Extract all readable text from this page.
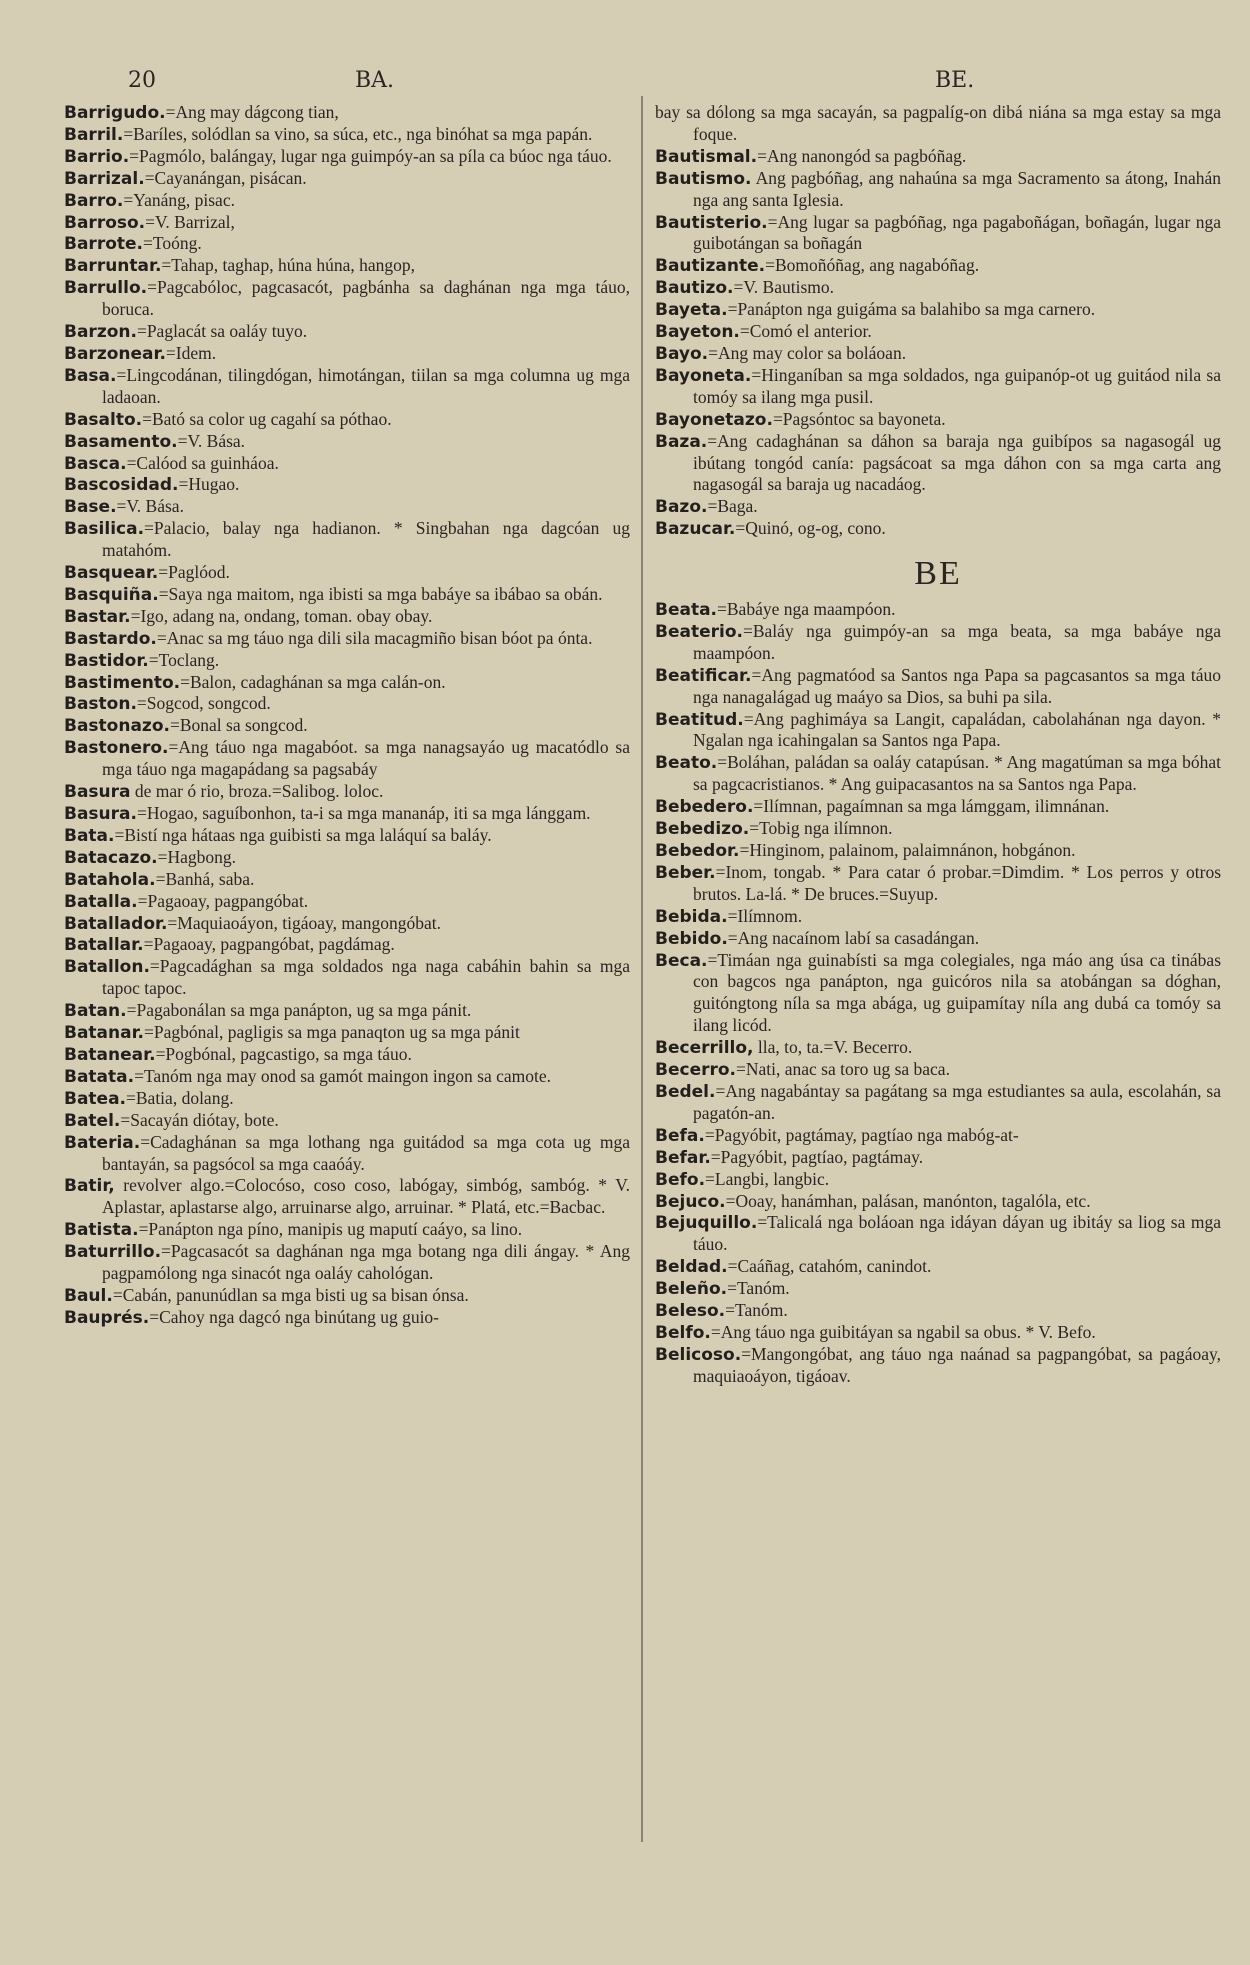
20	BA.	BE.

Barrigudo.=Ang may dágcong tian,

Barril.=Baríles, solódlan sa vino, sa súca, etc., nga binóhat sa mga papán.

Barrio.=Pagmólo, balángay, lugar nga guimpóy-an sa píla ca búoc nga táuo.

Barrizal.=Cayanángan, pisácan.

Barro.=Yanáng, pisac.

Barroso.=V. Barrizal,

Barrote.=Toóng.

Barruntar.=Tahap, taghap, húna húna, hangop,

Barrullo.=Pagcabóloc, pagcasacót, pagbánha sa daghánan nga mga táuo, boruca.

Barzon.=Paglacát sa oaláy tuyo.

Barzonear.=Idem.

Basa.=Lingcodánan, tilingdógan, himotángan, tiilan sa mga columna ug mga ladaoan.

Basalto.=Bató sa color ug cagahí sa póthao.

Basamento.=V. Bása.

Basca.=Calóod sa guinháoa.

Bascosidad.=Hugao.

Base.=V. Bása.

Basilica.=Palacio, balay nga hadianon. * Singbahan nga dagcóan ug matahóm.

Basquear.=Paglóod.

Basquiña.=Saya nga maitom, nga ibisti sa mga babáye sa ibábao sa obán.

Bastar.=Igo, adang na, ondang, toman. obay obay.

Bastardo.=Anac sa mg táuo nga dili sila macagmiño bisan bóot pa ónta.

Bastidor.=Toclang.

Bastimento.=Balon, cadaghánan sa mga calán-on.

Baston.=Sogcod, songcod.

Bastonazo.=Bonal sa songcod.

Bastonero.=Ang táuo nga magabóot. sa mga nanagsayáo ug macatódlo sa mga táuo nga magapádang sa pagsabáy

Basura de mar ó rio, broza.=Salibog. loloc.

Basura.=Hogao, saguíbonhon, ta-i sa mga mananáp, iti sa mga lánggam.

Bata.=Bistí nga hátaas nga guibisti sa mga laláquí sa baláy.

Batacazo.=Hagbong.

Batahola.=Banhá, saba.

Batalla.=Pagaoay, pagpangóbat.

Batallador.=Maquiaoáyon, tigáoay, mangongóbat.

Batallar.=Pagaoay, pagpangóbat, pagdámag.

Batallon.=Pagcadághan sa mga soldados nga naga cabáhin bahin sa mga tapoc tapoc.

Batan.=Pagabonálan sa mga panápton, ug sa mga pánit.

Batanar.=Pagbónal, pagligis sa mga panaqton ug sa mga pánit

Batanear.=Pogbónal, pagcastigo, sa mga táuo.

Batata.=Tanóm nga may onod sa gamót maingon ingon sa camote.

Batea.=Batia, dolang.

Batel.=Sacayán diótay, bote.

Bateria.=Cadaghánan sa mga lothang nga guitádod sa mga cota ug mga bantayán, sa pagsócol sa mga caaóáy.

Batir, revolver algo.=Colocóso, coso coso, labógay, simbóg, sambóg. * V. Aplastar, aplastarse algo, arruinarse algo, arruinar. * Platá, etc.=Bacbac.

Batista.=Panápton nga píno, manipis ug maputí caáyo, sa lino.

Baturrillo.=Pagcasacót sa daghánan nga mga botang nga dili ángay. * Ang pagpamólong nga sinacót nga oaláy cahológan.

Baul.=Cabán, panunúdlan sa mga bisti ug sa bisan ónsa.

Bauprés.=Cahoy nga dagcó nga binútang ug guio-

bay sa dólong sa mga sacayán, sa pagpalíg-on dibá niána sa mga estay sa mga foque.

Bautismal.=Ang nanongód sa pagbóñag.

Bautismo. Ang pagbóñag, ang nahaúna sa mga Sacramento sa átong, Inahán nga ang santa Iglesia.

Bautisterio.=Ang lugar sa pagbóñag, nga pagaboñágan, boñagán, lugar nga guibotángan sa boñagán

Bautizante.=Bomoñóñag, ang nagabóñag.

Bautizo.=V. Bautismo.

Bayeta.=Panápton nga guigáma sa balahibo sa mga carnero.

Bayeton.=Comó el anterior.

Bayo.=Ang may color sa boláoan.

Bayoneta.=Hinganíban sa mga soldados, nga guipanóp-ot ug guitáod nila sa tomóy sa ilang mga pusil.

Bayonetazo.=Pagsóntoc sa bayoneta.

Baza.=Ang cadaghánan sa dáhon sa baraja nga guibípos sa nagasogál ug ibútang tongód canía: pagsácoat sa mga dáhon con sa mga carta ang nagasogál sa baraja ug nacadáog.

Bazo.=Baga.

Bazucar.=Quinó, og-og, cono.

BE

Beata.=Babáye nga maampóon.

Beaterio.=Baláy nga guimpóy-an sa mga beata, sa mga babáye nga maampóon.

Beatificar.=Ang pagmatóod sa Santos nga Papa sa pagcasantos sa mga táuo nga nanagalágad ug maáyo sa Dios, sa buhi pa sila.

Beatitud.=Ang paghimáya sa Langit, capaládan, cabolahánan nga dayon. * Ngalan nga icahingalan sa Santos nga Papa.

Beato.=Boláhan, paládan sa oaláy catapúsan. * Ang magatúman sa mga bóhat sa pagcacristianos. * Ang guipacasantos na sa Santos nga Papa.

Bebedero.=Ilímnan, pagaímnan sa mga lámggam, ilimnánan.

Bebedizo.=Tobig nga ilímnon.

Bebedor.=Hinginom, palainom, palaimnánon, hobgánon.

Beber.=Inom, tongab. * Para catar ó probar.=Dimdim. * Los perros y otros brutos. La-lá. * De bruces.=Suyup.

Bebida.=Ilímnom.

Bebido.=Ang nacaínom labí sa casadángan.

Beca.=Timáan nga guinabísti sa mga colegiales, nga máo ang úsa ca tinábas con bagcos nga panápton, nga guicóros nila sa atobángan sa dóghan, guitóngtong níla sa mga abága, ug guipamítay níla ang dubá ca tomóy sa ilang licód.

Becerrillo, lla, to, ta.=V. Becerro.

Becerro.=Nati, anac sa toro ug sa baca.

Bedel.=Ang nagabántay sa pagátang sa mga estudiantes sa aula, escolahán, sa pagatón-an.

Befa.=Pagyóbit, pagtámay, pagtíao nga mabóg-at-

Befar.=Pagyóbit, pagtíao, pagtámay.

Befo.=Langbi, langbic.

Bejuco.=Ooay, hanámhan, palásan, manónton, tagalóla, etc.

Bejuquillo.=Talicalá nga boláoan nga idáyan dáyan ug ibitáy sa liog sa mga táuo.

Beldad.=Caáñag, catahóm, canindot.

Beleño.=Tanóm.

Beleso.=Tanóm.

Belfo.=Ang táuo nga guibitáyan sa ngabil sa obus. * V. Befo.

Belicoso.=Mangongóbat, ang táuo nga naánad sa pagpangóbat, sa pagáoay, maquiaoáyon, tigáoav.
